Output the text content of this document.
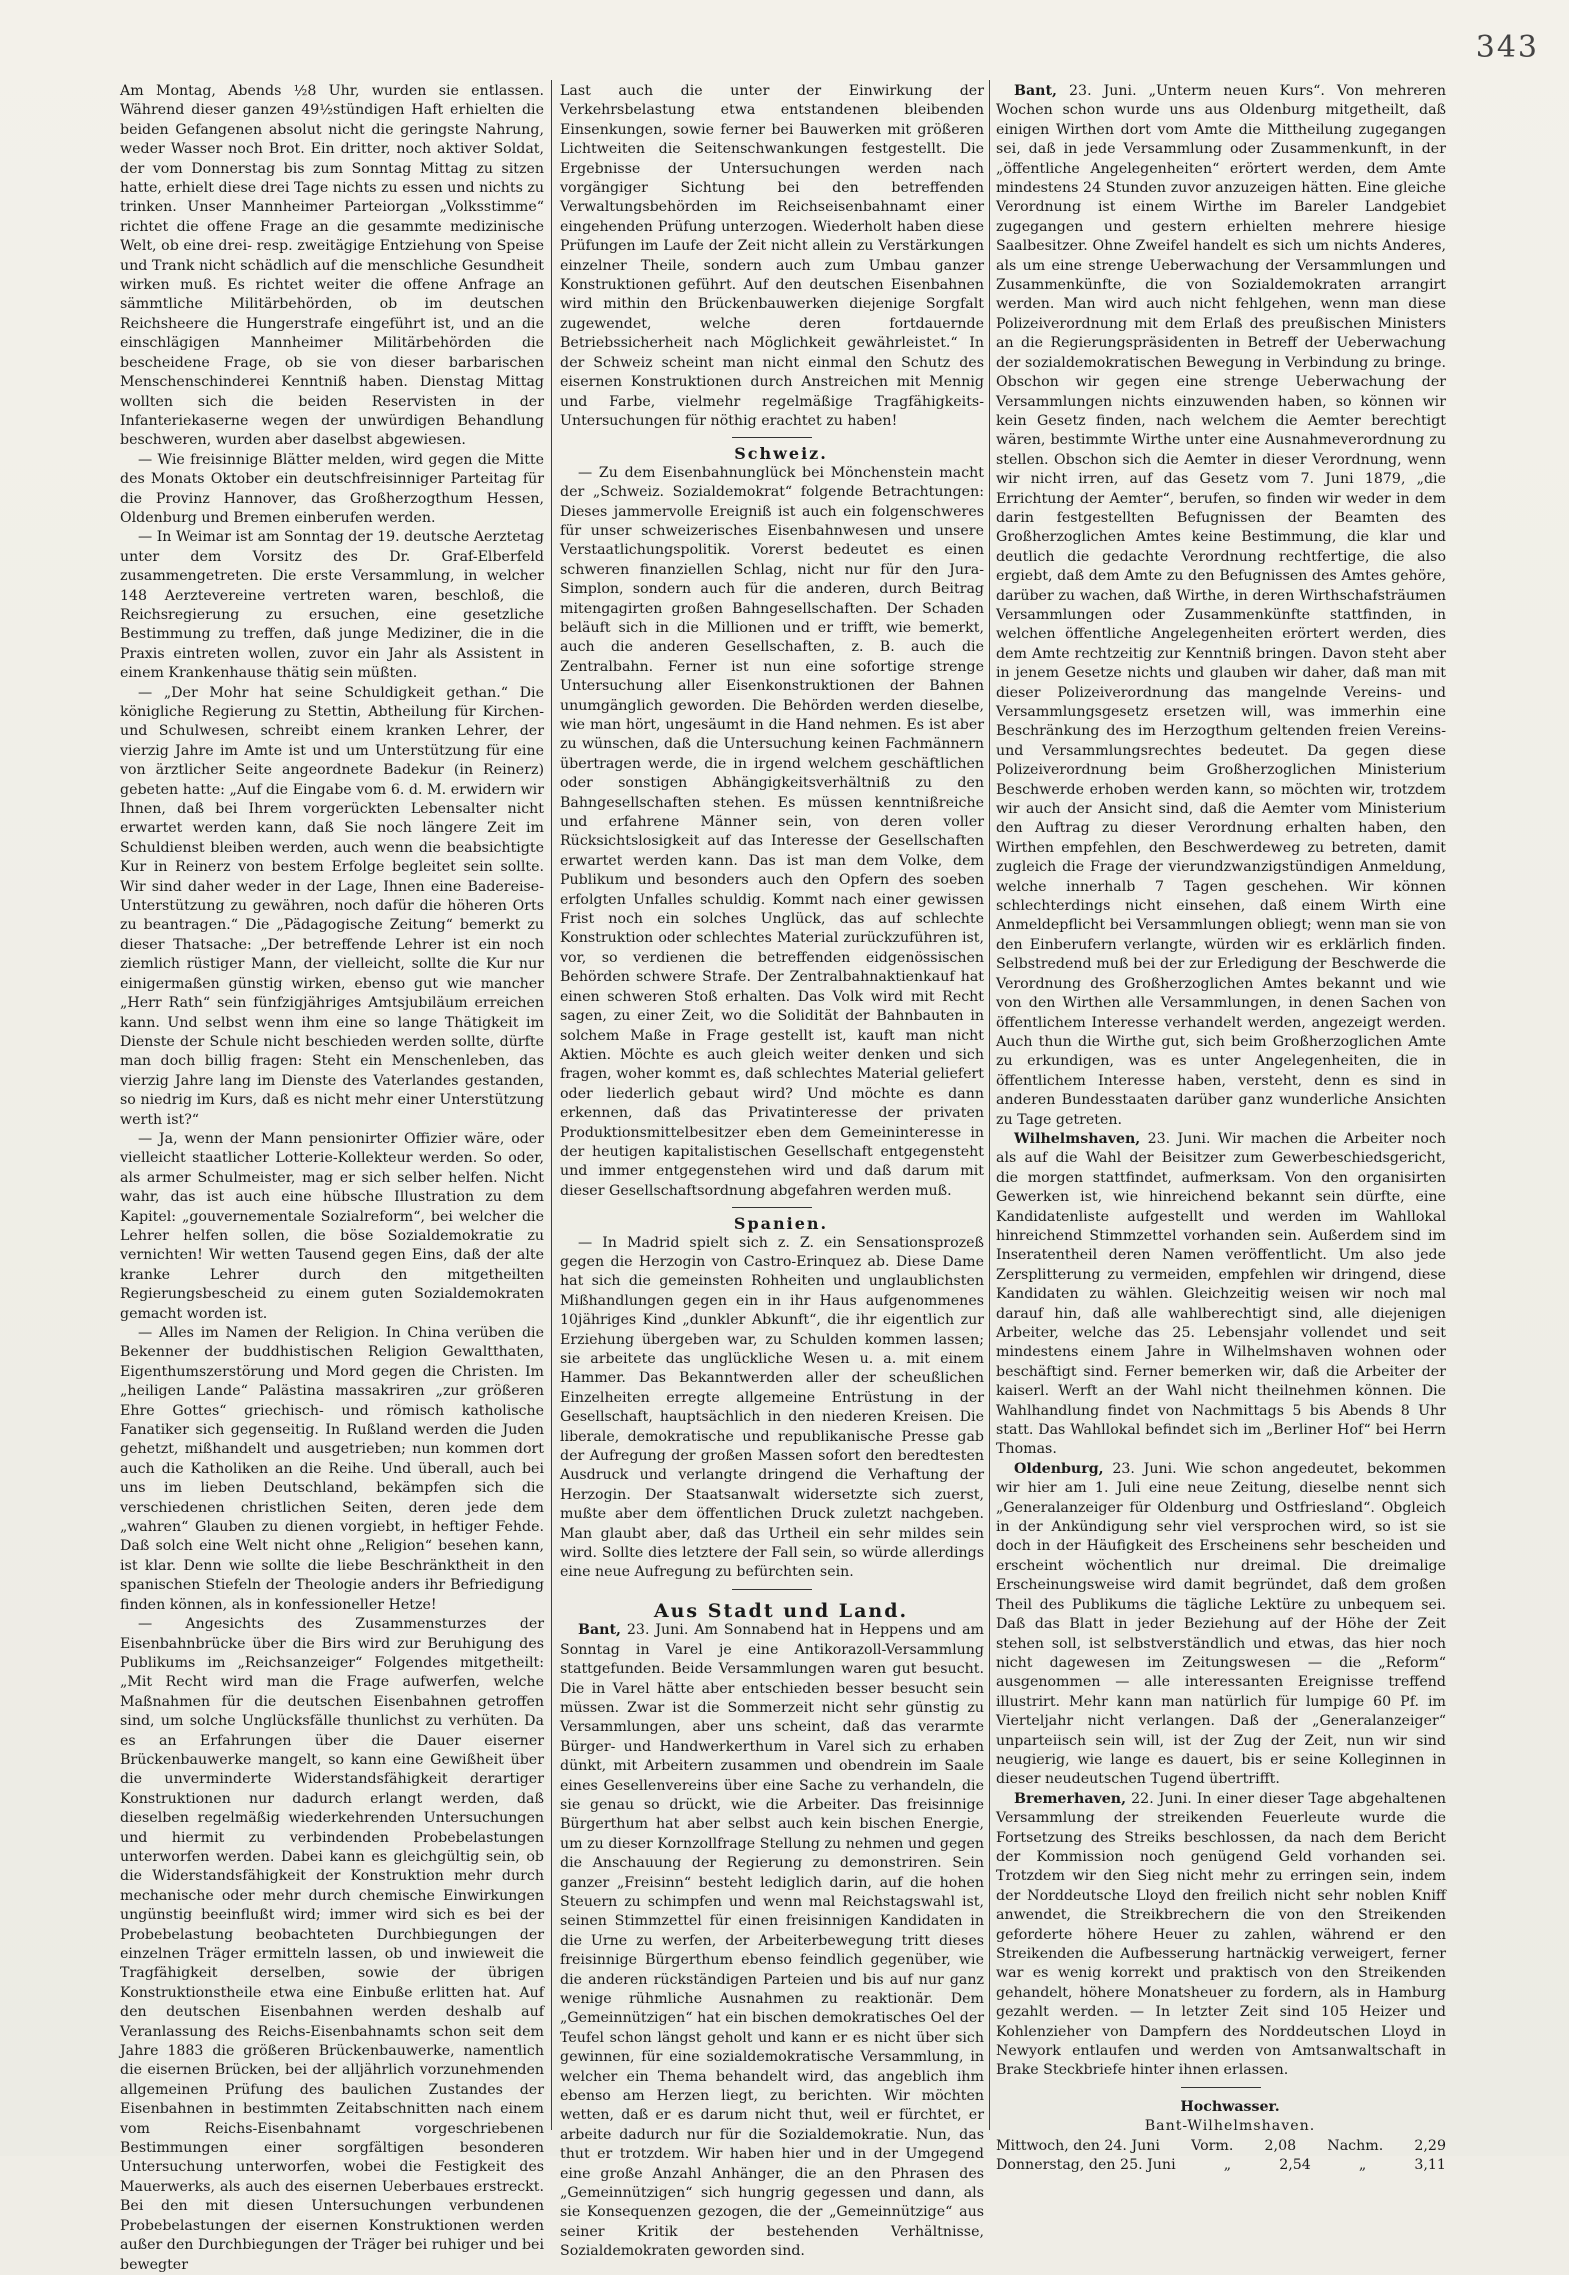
343

Am Montag, Abends ½8 Uhr, wurden sie entlassen. Während dieser ganzen 49½stündigen Haft erhielten die beiden Gefangenen absolut nicht die geringste Nahrung, weder Wasser noch Brot. Ein dritter, noch aktiver Soldat, der vom Donnerstag bis zum Sonntag Mittag zu sitzen hatte, erhielt diese drei Tage nichts zu essen und nichts zu trinken. Unser Mannheimer Parteiorgan „Volksstimme“ richtet die offene Frage an die gesammte medizinische Welt, ob eine drei- resp. zweitägige Entziehung von Speise und Trank nicht schädlich auf die menschliche Gesundheit wirken muß. Es richtet weiter die offene Anfrage an sämmtliche Militärbehörden, ob im deutschen Reichsheere die Hungerstrafe eingeführt ist, und an die einschlägigen Mannheimer Militärbehörden die bescheidene Frage, ob sie von dieser barbarischen Menschenschinderei Kenntniß haben. Dienstag Mittag wollten sich die beiden Reservisten in der Infanteriekaserne wegen der unwürdigen Behandlung beschweren, wurden aber daselbst abgewiesen.

— Wie freisinnige Blätter melden, wird gegen die Mitte des Monats Oktober ein deutschfreisinniger Parteitag für die Provinz Hannover, das Großherzogthum Hessen, Oldenburg und Bremen einberufen werden.

— In Weimar ist am Sonntag der 19. deutsche Aerztetag unter dem Vorsitz des Dr. Graf-Elberfeld zusammengetreten. Die erste Versammlung, in welcher 148 Aerztevereine vertreten waren, beschloß, die Reichsregierung zu ersuchen, eine gesetzliche Bestimmung zu treffen, daß junge Mediziner, die in die Praxis eintreten wollen, zuvor ein Jahr als Assistent in einem Krankenhause thätig sein müßten.

— „Der Mohr hat seine Schuldigkeit gethan.“ Die königliche Regierung zu Stettin, Abtheilung für Kirchen- und Schulwesen, schreibt einem kranken Lehrer, der vierzig Jahre im Amte ist und um Unterstützung für eine von ärztlicher Seite angeordnete Badekur (in Reinerz) gebeten hatte: „Auf die Eingabe vom 6. d. M. erwidern wir Ihnen, daß bei Ihrem vorgerückten Lebensalter nicht erwartet werden kann, daß Sie noch längere Zeit im Schuldienst bleiben werden, auch wenn die beabsichtigte Kur in Reinerz von bestem Erfolge begleitet sein sollte. Wir sind daher weder in der Lage, Ihnen eine Badereise-Unterstützung zu gewähren, noch dafür die höheren Orts zu beantragen.“ Die „Pädagogische Zeitung“ bemerkt zu dieser Thatsache: „Der betreffende Lehrer ist ein noch ziemlich rüstiger Mann, der vielleicht, sollte die Kur nur einigermaßen günstig wirken, ebenso gut wie mancher „Herr Rath“ sein fünfzigjähriges Amtsjubiläum erreichen kann. Und selbst wenn ihm eine so lange Thätigkeit im Dienste der Schule nicht beschieden werden sollte, dürfte man doch billig fragen: Steht ein Menschenleben, das vierzig Jahre lang im Dienste des Vaterlandes gestanden, so niedrig im Kurs, daß es nicht mehr einer Unterstützung werth ist?“

— Ja, wenn der Mann pensionirter Offizier wäre, oder vielleicht staatlicher Lotterie-Kollekteur werden. So oder, als armer Schulmeister, mag er sich selber helfen. Nicht wahr, das ist auch eine hübsche Illustration zu dem Kapitel: „gouvernementale Sozialreform“, bei welcher die Lehrer helfen sollen, die böse Sozialdemokratie zu vernichten! Wir wetten Tausend gegen Eins, daß der alte kranke Lehrer durch den mitgetheilten Regierungsbescheid zu einem guten Sozialdemokraten gemacht worden ist.

— Alles im Namen der Religion. In China verüben die Bekenner der buddhistischen Religion Gewaltthaten, Eigenthumszerstörung und Mord gegen die Christen. Im „heiligen Lande“ Palästina massakriren „zur größeren Ehre Gottes“ griechisch- und römisch katholische Fanatiker sich gegenseitig. In Rußland werden die Juden gehetzt, mißhandelt und ausgetrieben; nun kommen dort auch die Katholiken an die Reihe. Und überall, auch bei uns im lieben Deutschland, bekämpfen sich die verschiedenen christlichen Seiten, deren jede dem „wahren“ Glauben zu dienen vorgiebt, in heftiger Fehde. Daß solch eine Welt nicht ohne „Religion“ besehen kann, ist klar. Denn wie sollte die liebe Beschränktheit in den spanischen Stiefeln der Theologie anders ihr Befriedigung finden können, als in konfessioneller Hetze!

— Angesichts des Zusammensturzes der Eisenbahnbrücke über die Birs wird zur Beruhigung des Publikums im „Reichsanzeiger“ Folgendes mitgetheilt: „Mit Recht wird man die Frage aufwerfen, welche Maßnahmen für die deutschen Eisenbahnen getroffen sind, um solche Unglücksfälle thunlichst zu verhüten. Da es an Erfahrungen über die Dauer eiserner Brückenbauwerke mangelt, so kann eine Gewißheit über die unverminderte Widerstandsfähigkeit derartiger Konstruktionen nur dadurch erlangt werden, daß dieselben regelmäßig wiederkehrenden Untersuchungen und hiermit zu verbindenden Probebelastungen unterworfen werden. Dabei kann es gleichgültig sein, ob die Widerstandsfähigkeit der Konstruktion mehr durch mechanische oder mehr durch chemische Einwirkungen ungünstig beeinflußt wird; immer wird sich es bei der Probebelastung beobachteten Durchbiegungen der einzelnen Träger ermitteln lassen, ob und inwieweit die Tragfähigkeit derselben, sowie der übrigen Konstruktionstheile etwa eine Einbuße erlitten hat. Auf den deutschen Eisenbahnen werden deshalb auf Veranlassung des Reichs-Eisenbahnamts schon seit dem Jahre 1883 die größeren Brückenbauwerke, namentlich die eisernen Brücken, bei der alljährlich vorzunehmenden allgemeinen Prüfung des baulichen Zustandes der Eisenbahnen in bestimmten Zeitabschnitten nach einem vom Reichs-Eisenbahnamt vorgeschriebenen Bestimmungen einer sorgfältigen besonderen Untersuchung unterworfen, wobei die Festigkeit des Mauerwerks, als auch des eisernen Ueberbaues erstreckt. Bei den mit diesen Untersuchungen verbundenen Probebelastungen der eisernen Konstruktionen werden außer den Durchbiegungen der Träger bei ruhiger und bei bewegter

Last auch die unter der Einwirkung der Verkehrsbelastung etwa entstandenen bleibenden Einsenkungen, sowie ferner bei Bauwerken mit größeren Lichtweiten die Seitenschwankungen festgestellt. Die Ergebnisse der Untersuchungen werden nach vorgängiger Sichtung bei den betreffenden Verwaltungsbehörden im Reichseisenbahnamt einer eingehenden Prüfung unterzogen. Wiederholt haben diese Prüfungen im Laufe der Zeit nicht allein zu Verstärkungen einzelner Theile, sondern auch zum Umbau ganzer Konstruktionen geführt. Auf den deutschen Eisenbahnen wird mithin den Brückenbauwerken diejenige Sorgfalt zugewendet, welche deren fortdauernde Betriebssicherheit nach Möglichkeit gewährleistet.“ In der Schweiz scheint man nicht einmal den Schutz des eisernen Konstruktionen durch Anstreichen mit Mennig und Farbe, vielmehr regelmäßige Tragfähigkeits-Untersuchungen für nöthig erachtet zu haben!

Schweiz.

— Zu dem Eisenbahnunglück bei Mönchenstein macht der „Schweiz. Sozialdemokrat“ folgende Betrachtungen: Dieses jammervolle Ereigniß ist auch ein folgenschweres für unser schweizerisches Eisenbahnwesen und unsere Verstaatlichungspolitik. Vorerst bedeutet es einen schweren finanziellen Schlag, nicht nur für den Jura-Simplon, sondern auch für die anderen, durch Beitrag mitengagirten großen Bahngesellschaften. Der Schaden beläuft sich in die Millionen und er trifft, wie bemerkt, auch die anderen Gesellschaften, z. B. auch die Zentralbahn. Ferner ist nun eine sofortige strenge Untersuchung aller Eisenkonstruktionen der Bahnen unumgänglich geworden. Die Behörden werden dieselbe, wie man hört, ungesäumt in die Hand nehmen. Es ist aber zu wünschen, daß die Untersuchung keinen Fachmännern übertragen werde, die in irgend welchem geschäftlichen oder sonstigen Abhängigkeitsverhältniß zu den Bahngesellschaften stehen. Es müssen kenntnißreiche und erfahrene Männer sein, von deren voller Rücksichtslosigkeit auf das Interesse der Gesellschaften erwartet werden kann. Das ist man dem Volke, dem Publikum und besonders auch den Opfern des soeben erfolgten Unfalles schuldig. Kommt nach einer gewissen Frist noch ein solches Unglück, das auf schlechte Konstruktion oder schlechtes Material zurückzuführen ist, vor, so verdienen die betreffenden eidgenössischen Behörden schwere Strafe. Der Zentralbahnaktienkauf hat einen schweren Stoß erhalten. Das Volk wird mit Recht sagen, zu einer Zeit, wo die Solidität der Bahnbauten in solchem Maße in Frage gestellt ist, kauft man nicht Aktien. Möchte es auch gleich weiter denken und sich fragen, woher kommt es, daß schlechtes Material geliefert oder liederlich gebaut wird? Und möchte es dann erkennen, daß das Privatinteresse der privaten Produktionsmittelbesitzer eben dem Gemeininteresse in der heutigen kapitalistischen Gesellschaft entgegensteht und immer entgegenstehen wird und daß darum mit dieser Gesellschaftsordnung abgefahren werden muß.

Spanien.

— In Madrid spielt sich z. Z. ein Sensationsprozeß gegen die Herzogin von Castro-Erinquez ab. Diese Dame hat sich die gemeinsten Rohheiten und unglaublichsten Mißhandlungen gegen ein in ihr Haus aufgenommenes 10jähriges Kind „dunkler Abkunft“, die ihr eigentlich zur Erziehung übergeben war, zu Schulden kommen lassen; sie arbeitete das unglückliche Wesen u. a. mit einem Hammer. Das Bekanntwerden aller der scheußlichen Einzelheiten erregte allgemeine Entrüstung in der Gesellschaft, hauptsächlich in den niederen Kreisen. Die liberale, demokratische und republikanische Presse gab der Aufregung der großen Massen sofort den beredtesten Ausdruck und verlangte dringend die Verhaftung der Herzogin. Der Staatsanwalt widersetzte sich zuerst, mußte aber dem öffentlichen Druck zuletzt nachgeben. Man glaubt aber, daß das Urtheil ein sehr mildes sein wird. Sollte dies letztere der Fall sein, so würde allerdings eine neue Aufregung zu befürchten sein.

Aus Stadt und Land.

Bant, 23. Juni. Am Sonnabend hat in Heppens und am Sonntag in Varel je eine Antikorazoll-Versammlung stattgefunden. Beide Versammlungen waren gut besucht. Die in Varel hätte aber entschieden besser besucht sein müssen. Zwar ist die Sommerzeit nicht sehr günstig zu Versammlungen, aber uns scheint, daß das verarmte Bürger- und Handwerkerthum in Varel sich zu erhaben dünkt, mit Arbeitern zusammen und obendrein im Saale eines Gesellenvereins über eine Sache zu verhandeln, die sie genau so drückt, wie die Arbeiter. Das freisinnige Bürgerthum hat aber selbst auch kein bischen Energie, um zu dieser Kornzollfrage Stellung zu nehmen und gegen die Anschauung der Regierung zu demonstriren. Sein ganzer „Freisinn“ besteht lediglich darin, auf die hohen Steuern zu schimpfen und wenn mal Reichstagswahl ist, seinen Stimmzettel für einen freisinnigen Kandidaten in die Urne zu werfen, der Arbeiterbewegung tritt dieses freisinnige Bürgerthum ebenso feindlich gegenüber, wie die anderen rückständigen Parteien und bis auf nur ganz wenige rühmliche Ausnahmen zu reaktionär. Dem „Gemeinnützigen“ hat ein bischen demokratisches Oel der Teufel schon längst geholt und kann er es nicht über sich gewinnen, für eine sozialdemokratische Versammlung, in welcher ein Thema behandelt wird, das angeblich ihm ebenso am Herzen liegt, zu berichten. Wir möchten wetten, daß er es darum nicht thut, weil er fürchtet, er arbeite dadurch nur für die Sozialdemokratie. Nun, das thut er trotzdem. Wir haben hier und in der Umgegend eine große Anzahl Anhänger, die an den Phrasen des „Gemeinnützigen“ sich hungrig gegessen und dann, als sie Konsequenzen gezogen, die der „Gemeinnützige“ aus seiner Kritik der bestehenden Verhältnisse, Sozialdemokraten geworden sind.

Bant, 23. Juni. „Unterm neuen Kurs“. Von mehreren Wochen schon wurde uns aus Oldenburg mitgetheilt, daß einigen Wirthen dort vom Amte die Mittheilung zugegangen sei, daß in jede Versammlung oder Zusammenkunft, in der „öffentliche Angelegenheiten“ erörtert werden, dem Amte mindestens 24 Stunden zuvor anzuzeigen hätten. Eine gleiche Verordnung ist einem Wirthe im Bareler Landgebiet zugegangen und gestern erhielten mehrere hiesige Saalbesitzer. Ohne Zweifel handelt es sich um nichts Anderes, als um eine strenge Ueberwachung der Versammlungen und Zusammenkünfte, die von Sozialdemokraten arrangirt werden. Man wird auch nicht fehlgehen, wenn man diese Polizeiverordnung mit dem Erlaß des preußischen Ministers an die Regierungspräsidenten in Betreff der Ueberwachung der sozialdemokratischen Bewegung in Verbindung zu bringe. Obschon wir gegen eine strenge Ueberwachung der Versammlungen nichts einzuwenden haben, so können wir kein Gesetz finden, nach welchem die Aemter berechtigt wären, bestimmte Wirthe unter eine Ausnahmeverordnung zu stellen. Obschon sich die Aemter in dieser Verordnung, wenn wir nicht irren, auf das Gesetz vom 7. Juni 1879, „die Errichtung der Aemter“, berufen, so finden wir weder in dem darin festgestellten Befugnissen der Beamten des Großherzoglichen Amtes keine Bestimmung, die klar und deutlich die gedachte Verordnung rechtfertige, die also ergiebt, daß dem Amte zu den Befugnissen des Amtes gehöre, darüber zu wachen, daß Wirthe, in deren Wirthschafsträumen Versammlungen oder Zusammenkünfte stattfinden, in welchen öffentliche Angelegenheiten erörtert werden, dies dem Amte rechtzeitig zur Kenntniß bringen. Davon steht aber in jenem Gesetze nichts und glauben wir daher, daß man mit dieser Polizeiverordnung das mangelnde Vereins- und Versammlungsgesetz ersetzen will, was immerhin eine Beschränkung des im Herzogthum geltenden freien Vereins- und Versammlungsrechtes bedeutet. Da gegen diese Polizeiverordnung beim Großherzoglichen Ministerium Beschwerde erhoben werden kann, so möchten wir, trotzdem wir auch der Ansicht sind, daß die Aemter vom Ministerium den Auftrag zu dieser Verordnung erhalten haben, den Wirthen empfehlen, den Beschwerdeweg zu betreten, damit zugleich die Frage der vierundzwanzigstündigen Anmeldung, welche innerhalb 7 Tagen geschehen. Wir können schlechterdings nicht einsehen, daß einem Wirth eine Anmeldepflicht bei Versammlungen obliegt; wenn man sie von den Einberufern verlangte, würden wir es erklärlich finden. Selbstredend muß bei der zur Erledigung der Beschwerde die Verordnung des Großherzoglichen Amtes bekannt und wie von den Wirthen alle Versammlungen, in denen Sachen von öffentlichem Interesse verhandelt werden, angezeigt werden. Auch thun die Wirthe gut, sich beim Großherzoglichen Amte zu erkundigen, was es unter Angelegenheiten, die in öffentlichem Interesse haben, versteht, denn es sind in anderen Bundesstaaten darüber ganz wunderliche Ansichten zu Tage getreten.

Wilhelmshaven, 23. Juni. Wir machen die Arbeiter noch als auf die Wahl der Beisitzer zum Gewerbeschiedsgericht, die morgen stattfindet, aufmerksam. Von den organisirten Gewerken ist, wie hinreichend bekannt sein dürfte, eine Kandidatenliste aufgestellt und werden im Wahllokal hinreichend Stimmzettel vorhanden sein. Außerdem sind im Inseratentheil deren Namen veröffentlicht. Um also jede Zersplitterung zu vermeiden, empfehlen wir dringend, diese Kandidaten zu wählen. Gleichzeitig weisen wir noch mal darauf hin, daß alle wahlberechtigt sind, alle diejenigen Arbeiter, welche das 25. Lebensjahr vollendet und seit mindestens einem Jahre in Wilhelmshaven wohnen oder beschäftigt sind. Ferner bemerken wir, daß die Arbeiter der kaiserl. Werft an der Wahl nicht theilnehmen können. Die Wahlhandlung findet von Nachmittags 5 bis Abends 8 Uhr statt. Das Wahllokal befindet sich im „Berliner Hof“ bei Herrn Thomas.

Oldenburg, 23. Juni. Wie schon angedeutet, bekommen wir hier am 1. Juli eine neue Zeitung, dieselbe nennt sich „Generalanzeiger für Oldenburg und Ostfriesland“. Obgleich in der Ankündigung sehr viel versprochen wird, so ist sie doch in der Häufigkeit des Erscheinens sehr bescheiden und erscheint wöchentlich nur dreimal. Die dreimalige Erscheinungsweise wird damit begründet, daß dem großen Theil des Publikums die tägliche Lektüre zu unbequem sei. Daß das Blatt in jeder Beziehung auf der Höhe der Zeit stehen soll, ist selbstverständlich und etwas, das hier noch nicht dagewesen im Zeitungswesen — die „Reform“ ausgenommen — alle interessanten Ereignisse treffend illustrirt. Mehr kann man natürlich für lumpige 60 Pf. im Vierteljahr nicht verlangen. Daß der „Generalanzeiger“ unparteiisch sein will, ist der Zug der Zeit, nun wir sind neugierig, wie lange es dauert, bis er seine Kolleginnen in dieser neudeutschen Tugend übertrifft.

Bremerhaven, 22. Juni. In einer dieser Tage abgehaltenen Versammlung der streikenden Feuerleute wurde die Fortsetzung des Streiks beschlossen, da nach dem Bericht der Kommission noch genügend Geld vorhanden sei. Trotzdem wir den Sieg nicht mehr zu erringen sein, indem der Norddeutsche Lloyd den freilich nicht sehr noblen Kniff anwendet, die Streikbrechern die von den Streikenden geforderte höhere Heuer zu zahlen, während er den Streikenden die Aufbesserung hartnäckig verweigert, ferner war es wenig korrekt und praktisch von den Streikenden gehandelt, höhere Monatsheuer zu fordern, als in Hamburg gezahlt werden. — In letzter Zeit sind 105 Heizer und Kohlenzieher von Dampfern des Norddeutschen Lloyd in Newyork entlaufen und werden von Amtsanwaltschaft in Brake Steckbriefe hinter ihnen erlassen.

Hochwasser.

Bant-Wilhelmshaven.

Mittwoch, den 24. Juni Vorm. 2,08 Nachm. 2,29
Donnerstag, den 25. Juni	„	2,54	„	3,11
